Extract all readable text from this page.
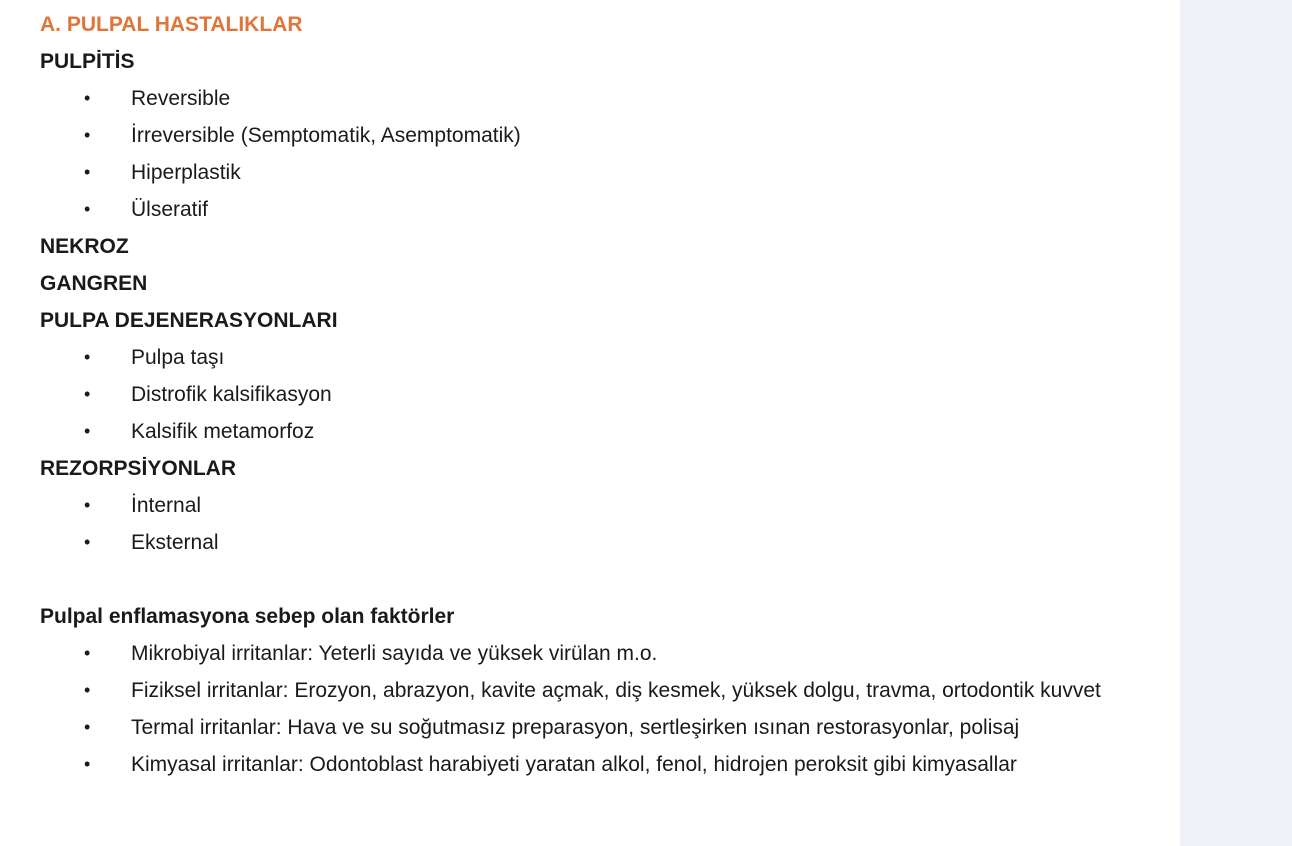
A. PULPAL HASTALIKLAR
PULPİTİS
• Reversible
• İrreversible (Semptomatik, Asemptomatik)
• Hiperplastik
• Ülseratif
NEKROZ
GANGREN
PULPA DEJENERASYONLARI
• Pulpa taşı
• Distrofik kalsifikasyon
• Kalsifik metamorfoz
REZORPSİYONLAR
• İnternal
• Eksternal
Pulpal enflamasyona sebep olan faktörler
• Mikrobiyal irritanlar: Yeterli sayıda ve yüksek virülan m.o.
• Fiziksel irritanlar: Erozyon, abrazyon, kavite açmak, diş kesmek, yüksek dolgu, travma, ortodontik kuvvet
• Termal irritanlar: Hava ve su soğutmasız preparasyon, sertleşirken ısınan restorasyonlar, polisaj
• Kimyasal irritanlar: Odontoblast harabiyeti yaratan alkol, fenol, hidrojen peroksit gibi kimyasallar
